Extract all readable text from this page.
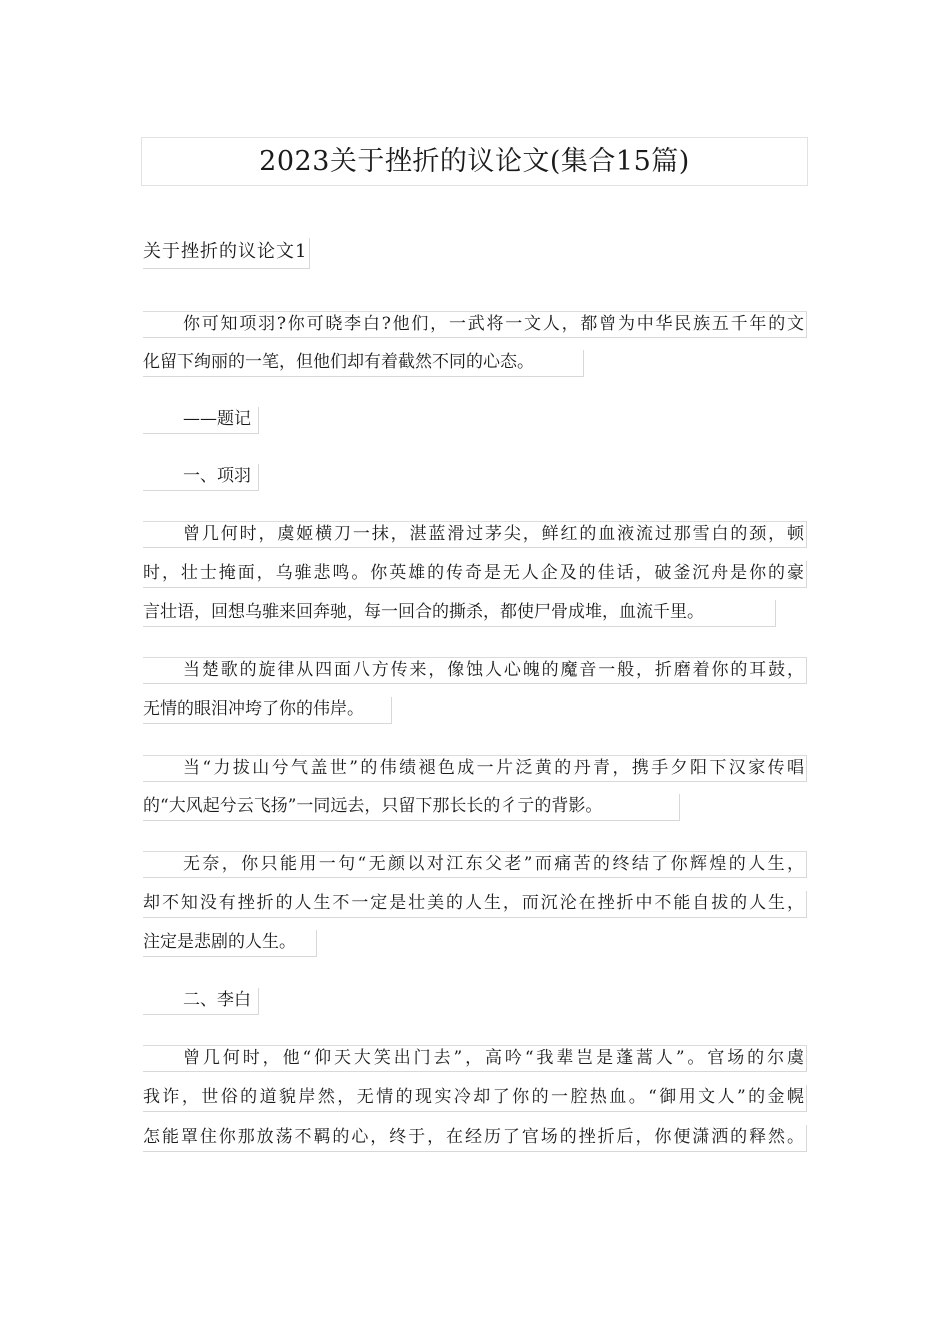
2023关于挫折的议论文(集合15篇)
关于挫折的议论文1
你可知项羽?你可晓李白?他们，一武将一文人，都曾为中华民族五千年的文
化留下绚丽的一笔，但他们却有着截然不同的心态。
——题记
一、项羽
曾几何时，虞姬横刀一抹，湛蓝滑过茅尖，鲜红的血液流过那雪白的颈，顿
时，壮士掩面，乌骓悲鸣。你英雄的传奇是无人企及的佳话，破釜沉舟是你的豪
言壮语，回想乌骓来回奔驰，每一回合的撕杀，都使尸骨成堆，血流千里。
当楚歌的旋律从四面八方传来，像蚀人心魄的魔音一般，折磨着你的耳鼓，
无情的眼泪冲垮了你的伟岸。
当“力拔山兮气盖世”的伟绩褪色成一片泛黄的丹青，携手夕阳下汉家传唱
的“大风起兮云飞扬”一同远去，只留下那长长的彳亍的背影。
无奈，你只能用一句“无颜以对江东父老”而痛苦的终结了你辉煌的人生，
却不知没有挫折的人生不一定是壮美的人生，而沉沦在挫折中不能自拔的人生，
注定是悲剧的人生。
二、李白
曾几何时，他“仰天大笑出门去”，高吟“我辈岂是蓬蒿人”。官场的尔虞
我诈，世俗的道貌岸然，无情的现实冷却了你的一腔热血。“御用文人”的金幌
怎能罩住你那放荡不羁的心，终于，在经历了官场的挫折后，你便潇洒的释然。
